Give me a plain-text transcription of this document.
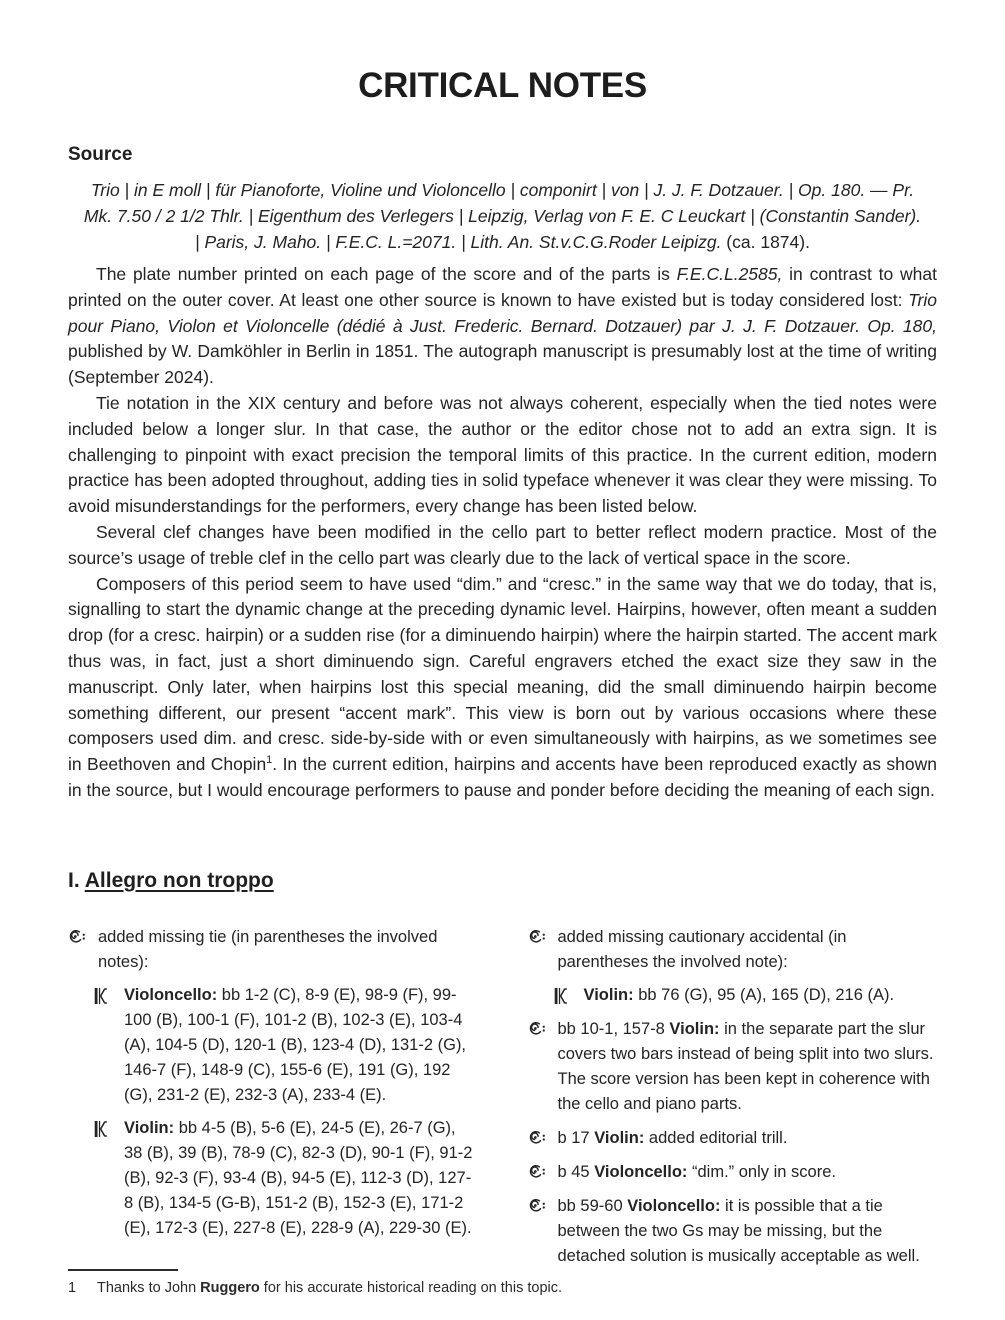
CRITICAL NOTES
Source

Trio | in E moll | für Pianoforte, Violine und Violoncello | componirt | von | J. J. F. Dotzauer. | Op. 180. — Pr. Mk. 7.50 / 2 1/2 Thlr. | Eigenthum des Verlegers | Leipzig, Verlag von F. E. C Leuckart | (Constantin Sander). | Paris, J. Maho. | F.E.C. L.=2071. | Lith. An. St.v.C.G.Roder Leipizg. (ca. 1874).

The plate number printed on each page of the score and of the parts is F.E.C.L.2585, in contrast to what printed on the outer cover. At least one other source is known to have existed but is today considered lost: Trio pour Piano, Violon et Violoncelle (dédié à Just. Frederic. Bernard. Dotzauer) par J. J. F. Dotzauer. Op. 180, published by W. Damköhler in Berlin in 1851. The autograph manuscript is presumably lost at the time of writing (September 2024).

Tie notation in the XIX century and before was not always coherent, especially when the tied notes were included below a longer slur. In that case, the author or the editor chose not to add an extra sign. It is challenging to pinpoint with exact precision the temporal limits of this practice. In the current edition, modern practice has been adopted throughout, adding ties in solid typeface whenever it was clear they were missing. To avoid misunderstandings for the performers, every change has been listed below.

Several clef changes have been modified in the cello part to better reflect modern practice. Most of the source’s usage of treble clef in the cello part was clearly due to the lack of vertical space in the score.

Composers of this period seem to have used “dim.” and “cresc.” in the same way that we do today, that is, signalling to start the dynamic change at the preceding dynamic level. Hairpins, however, often meant a sudden drop (for a cresc. hairpin) or a sudden rise (for a diminuendo hairpin) where the hairpin started. The accent mark thus was, in fact, just a short diminuendo sign. Careful engravers etched the exact size they saw in the manuscript. Only later, when hairpins lost this special meaning, did the small diminuendo hairpin become something different, our present “accent mark”. This view is born out by various occasions where these composers used dim. and cresc. side-by-side with or even simultaneously with hairpins, as we sometimes see in Beethoven and Chopin$^1$. In the current edition, hairpins and accents have been reproduced exactly as shown in the source, but I would encourage performers to pause and ponder before deciding the meaning of each sign.

I. Allegro non troppo
added missing tie (in parentheses the involved notes):
Violoncello: bb 1-2 (C), 8-9 (E), 98-9 (F), 99-100 (B), 100-1 (F), 101-2 (B), 102-3 (E), 103-4 (A), 104-5 (D), 120-1 (B), 123-4 (D), 131-2 (G), 146-7 (F), 148-9 (C), 155-6 (E), 191 (G), 192 (G), 231-2 (E), 232-3 (A), 233-4 (E).
Violin: bb 4-5 (B), 5-6 (E), 24-5 (E), 26-7 (G), 38 (B), 39 (B), 78-9 (C), 82-3 (D), 90-1 (F), 91-2 (B), 92-3 (F), 93-4 (B), 94-5 (E), 112-3 (D), 127-8 (B), 134-5 (G-B), 151-2 (B), 152-3 (E), 171-2 (E), 172-3 (E), 227-8 (E), 228-9 (A), 229-30 (E).
added missing cautionary accidental (in parentheses the involved note):
Violin: bb 76 (G), 95 (A), 165 (D), 216 (A).
bb 10-1, 157-8 Violin: in the separate part the slur covers two bars instead of being split into two slurs. The score version has been kept in coherence with the cello and piano parts.
b 17 Violin: added editorial trill.
b 45 Violoncello: “dim.” only in score.
bb 59-60 Violoncello: it is possible that a tie between the two Gs may be missing, but the detached solution is musically acceptable as well.
1	Thanks to John Ruggero for his accurate historical reading on this topic.
